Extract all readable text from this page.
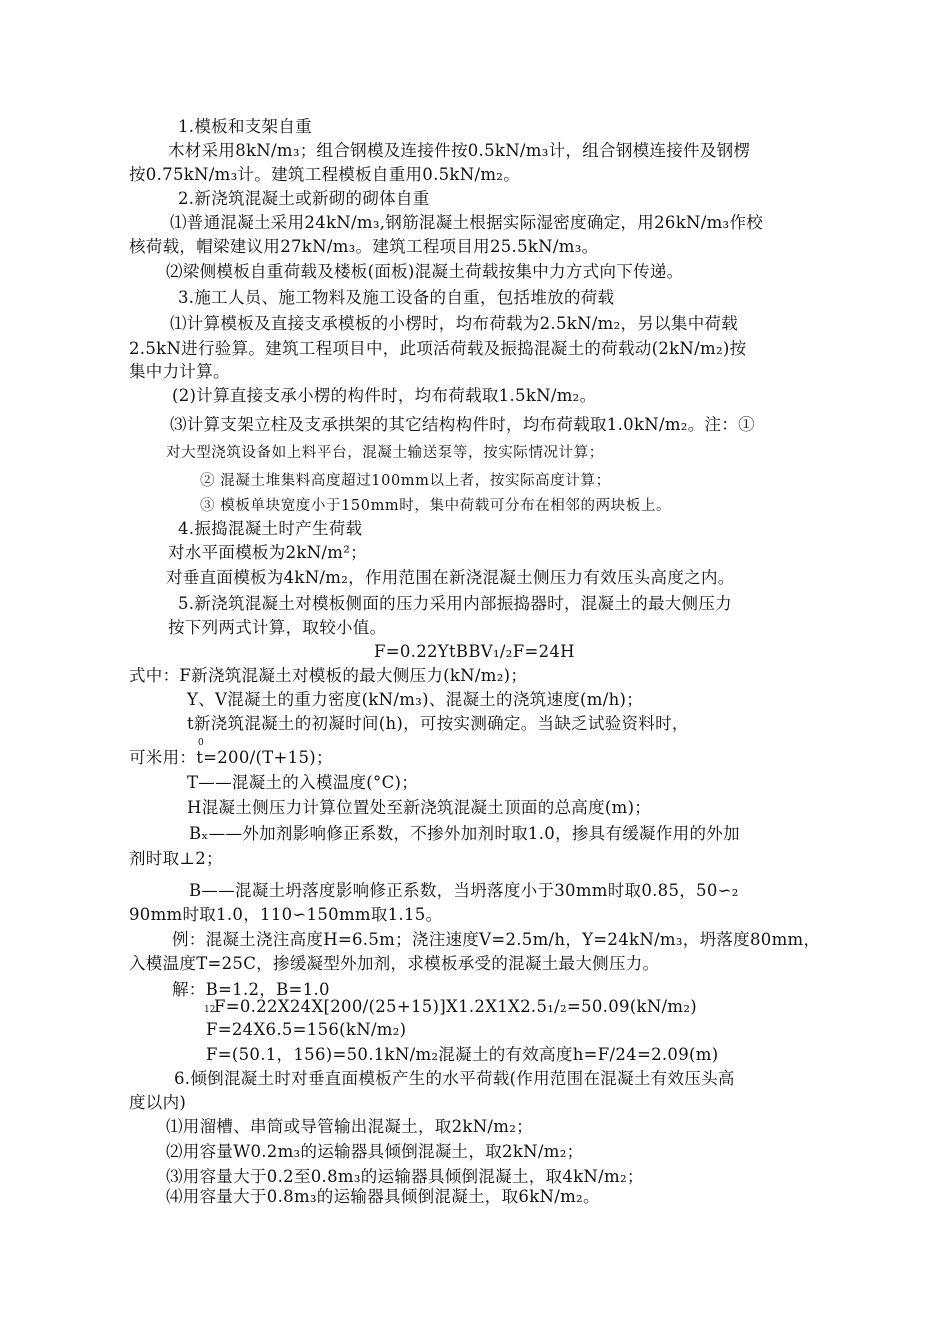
1.模板和支架自重
木材采用8kN/m₃；组合钢模及连接件按0.5kN/m₃计，组合钢模连接件及钢楞
按0.75kN/m₃计。建筑工程模板自重用0.5kN/m₂。
2.新浇筑混凝土或新砌的砌体自重
⑴普通混凝土采用24kN/m₃,钢筋混凝土根据实际湿密度确定，用26kN/m₃作校
核荷载，帽梁建议用27kN/m₃。建筑工程项目用25.5kN/m₃。
⑵梁侧模板自重荷载及楼板(面板)混凝土荷载按集中力方式向下传递。
3.施工人员、施工物料及施工设备的自重，包括堆放的荷载
⑴计算模板及直接支承模板的小楞时，均布荷载为2.5kN/m₂，另以集中荷载
2.5kN进行验算。建筑工程项目中，此项活荷载及振捣混凝土的荷载动(2kN/m₂)按
集中力计算。
(2)计算直接支承小楞的构件时，均布荷载取1.5kN/m₂。
⑶计算支架立柱及支承拱架的其它结构构件时，均布荷载取1.0kN/m₂。注：①
对大型浇筑设备如上料平台，混凝土输送泵等，按实际情况计算；
② 混凝土堆集料高度超过100mm以上者，按实际高度计算；
③ 模板单块宽度小于150mm时，集中荷载可分布在相邻的两块板上。
4.振捣混凝土时产生荷载
对水平面模板为2kN/m²；
对垂直面模板为4kN/m₂，作用范围在新浇混凝土侧压力有效压头高度之内。
5.新浇筑混凝土对模板侧面的压力采用内部振捣器时，混凝土的最大侧压力
按下列两式计算，取较小值。
F=0.22YtBBV₁/₂F=24H
式中：F新浇筑混凝土对模板的最大侧压力(kN/m₂)；
Y、V混凝土的重力密度(kN/m₃)、混凝土的浇筑速度(m/h)；
t新浇筑混凝土的初凝时间(h)，可按实测确定。当缺乏试验资料时，
0
可米用：t=200/(T+15)；
T——混凝土的入模温度(°C)；
H混凝土侧压力计算位置处至新浇筑混凝土顶面的总高度(m)；
Bₓ——外加剂影响修正系数，不掺外加剂时取1.0，掺具有缓凝作用的外加
剂时取⊥2；
B——混凝土坍落度影响修正系数，当坍落度小于30mm时取0.85，50∽₂
90mm时取1.0，110∽150mm取1.15。
例：混凝土浇注高度H=6.5m；浇注速度V=2.5m/h，Y=24kN/m₃，坍落度80mm，
入模温度T=25C，掺缓凝型外加剂，求模板承受的混凝土最大侧压力。
解：B=1.2，B=1.0
12
F=0.22X24X[200/(25+15)]X1.2X1X2.5₁/₂=50.09(kN/m₂)
F=24X6.5=156(kN/m₂)
F=(50.1，156)=50.1kN/m₂混凝土的有效高度h=F/24=2.09(m)
6.倾倒混凝土时对垂直面模板产生的水平荷载(作用范围在混凝土有效压头高
度以内)
⑴用溜槽、串筒或导管输出混凝土，取2kN/m₂；
⑵用容量W0.2m₃的运输器具倾倒混凝土，取2kN/m₂；
⑶用容量大于0.2至0.8m₃的运输器具倾倒混凝土，取4kN/m₂；
⑷用容量大于0.8m₃的运输器具倾倒混凝土，取6kN/m₂。
